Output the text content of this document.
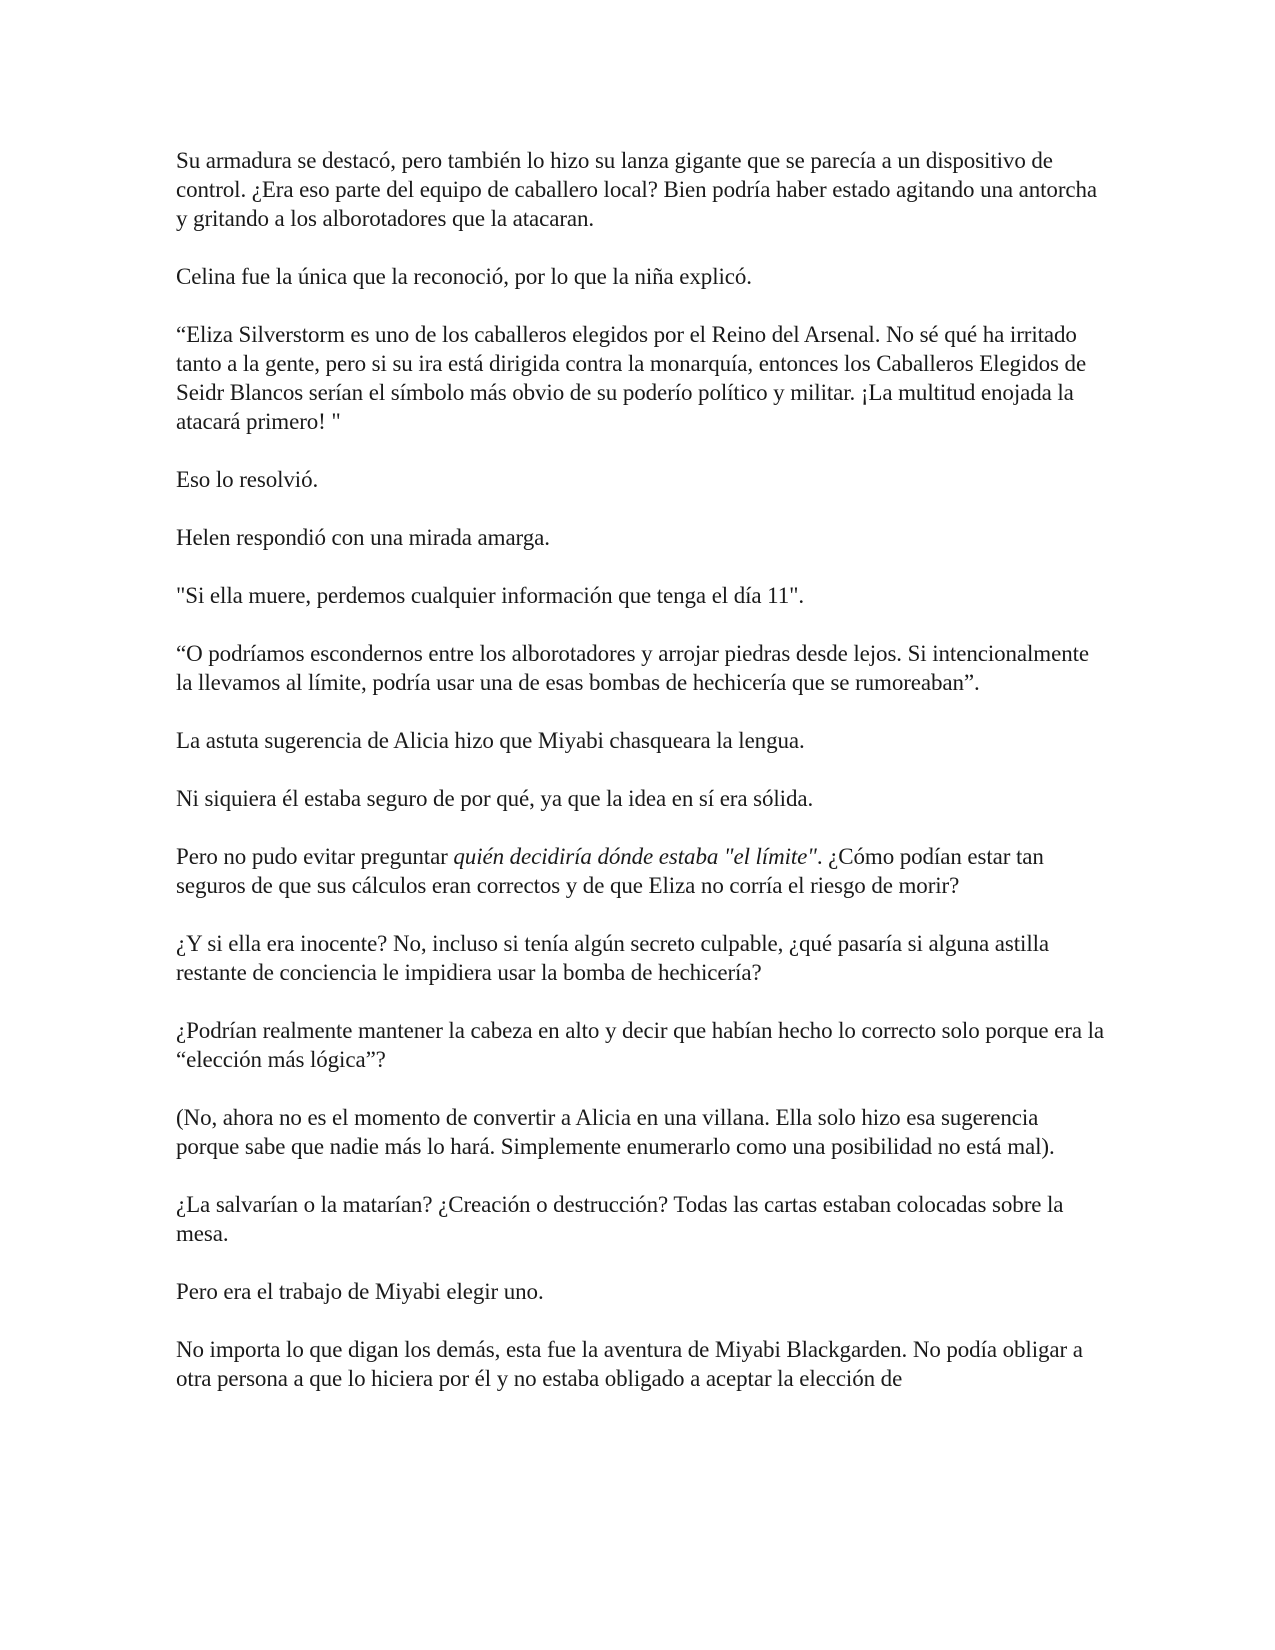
Su armadura se destacó, pero también lo hizo su lanza gigante que se parecía a un dispositivo de control. ¿Era eso parte del equipo de caballero local? Bien podría haber estado agitando una antorcha y gritando a los alborotadores que la atacaran.

Celina fue la única que la reconoció, por lo que la niña explicó.

“Eliza Silverstorm es uno de los caballeros elegidos por el Reino del Arsenal. No sé qué ha irritado tanto a la gente, pero si su ira está dirigida contra la monarquía, entonces los Caballeros Elegidos de Seidr Blancos serían el símbolo más obvio de su poderío político y militar. ¡La multitud enojada la atacará primero! "

Eso lo resolvió.

Helen respondió con una mirada amarga.

"Si ella muere, perdemos cualquier información que tenga el día 11".

“O podríamos escondernos entre los alborotadores y arrojar piedras desde lejos. Si intencionalmente la llevamos al límite, podría usar una de esas bombas de hechicería que se rumoreaban”.

La astuta sugerencia de Alicia hizo que Miyabi chasqueara la lengua.

Ni siquiera él estaba seguro de por qué, ya que la idea en sí era sólida.

Pero no pudo evitar preguntar quién decidiría dónde estaba "el límite". ¿Cómo podían estar tan seguros de que sus cálculos eran correctos y de que Eliza no corría el riesgo de morir?

¿Y si ella era inocente? No, incluso si tenía algún secreto culpable, ¿qué pasaría si alguna astilla restante de conciencia le impidiera usar la bomba de hechicería?

¿Podrían realmente mantener la cabeza en alto y decir que habían hecho lo correcto solo porque era la “elección más lógica”?

(No, ahora no es el momento de convertir a Alicia en una villana. Ella solo hizo esa sugerencia porque sabe que nadie más lo hará. Simplemente enumerarlo como una posibilidad no está mal).

¿La salvarían o la matarían? ¿Creación o destrucción? Todas las cartas estaban colocadas sobre la mesa.

Pero era el trabajo de Miyabi elegir uno.

No importa lo que digan los demás, esta fue la aventura de Miyabi Blackgarden. No podía obligar a otra persona a que lo hiciera por él y no estaba obligado a aceptar la elección de
